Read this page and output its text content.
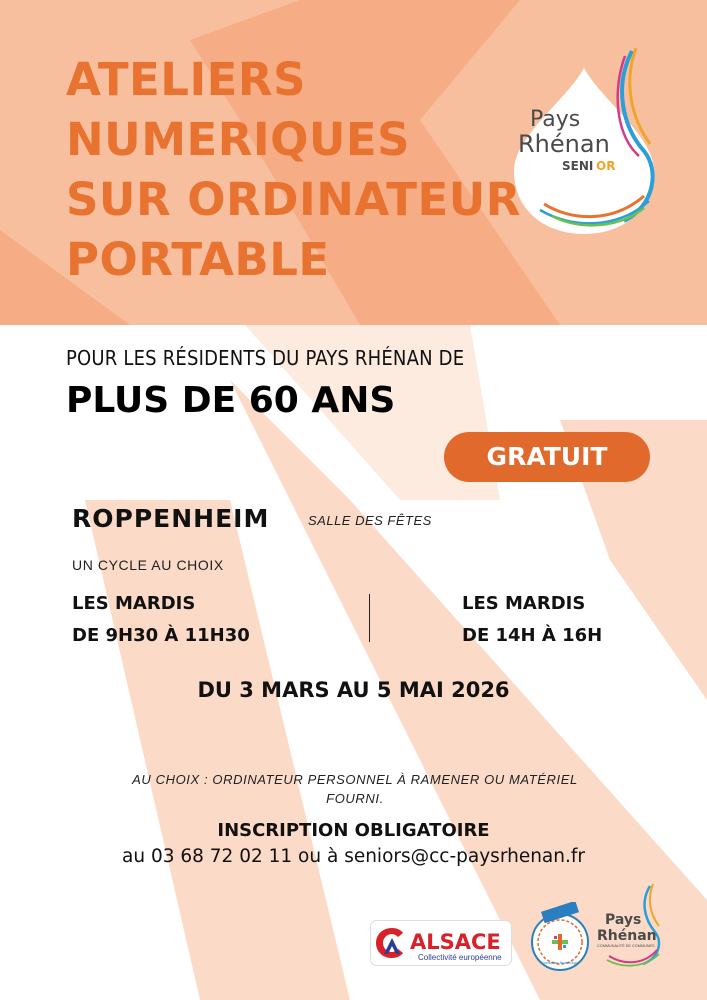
ATELIERS
NUMERIQUES
SUR ORDINATEUR
PORTABLE
Pays
Rhénan
SENI OR
POUR LES RÉSIDENTS DU PAYS RHÉNAN DE
PLUS DE 60 ANS
GRATUIT
ROPPENHEIM	SALLE DES FÊTES
UN CYCLE AU CHOIX
LES MARDIS
DE 9H30 À 11H30
LES MARDIS
DE 14H À 16H
DU 3 MARS AU 5 MAI 2026
AU CHOIX : ORDINATEUR PERSONNEL À RAMENER OU MATÉRIEL FOURNI.
INSCRIPTION OBLIGATOIRE
au 03 68 72 02 11 ou à seniors@cc-paysrhenan.fr
ALSACE
Collectivité européenne
Conseiller Numérique
Pays
Rhénan
COMMUNAUTÉ DE COMMUNES
